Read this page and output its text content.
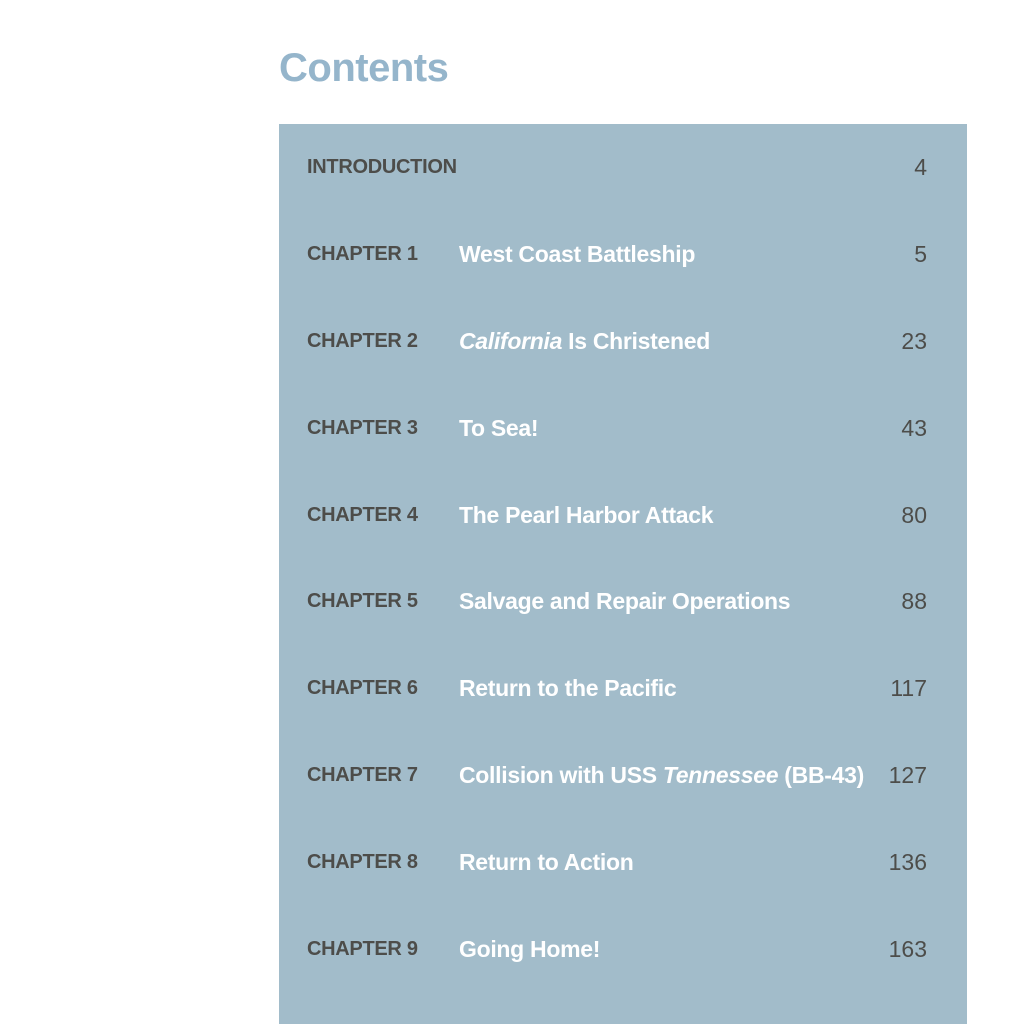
Contents
INTRODUCTION	4
CHAPTER 1	West Coast Battleship	5
CHAPTER 2	California Is Christened	23
CHAPTER 3	To Sea!	43
CHAPTER 4	The Pearl Harbor Attack	80
CHAPTER 5	Salvage and Repair Operations	88
CHAPTER 6	Return to the Pacific	117
CHAPTER 7	Collision with USS Tennessee (BB-43)	127
CHAPTER 8	Return to Action	136
CHAPTER 9	Going Home!	163
